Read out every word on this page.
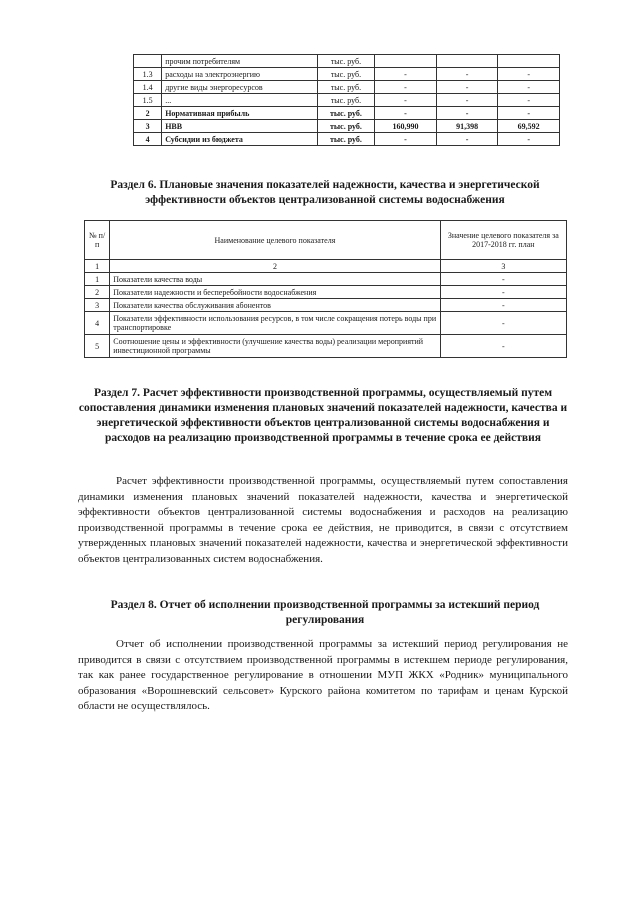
	прочим потребителям	тыс. руб.			
1.3	расходы на электроэнергию	тыс. руб.	-	-	-
1.4	другие виды энергоресурсов	тыс. руб.	-	-	-
1.5	...	тыс. руб.	-	-	-
2	Нормативная прибыль	тыс. руб.	-	-	-
3	НВВ	тыс. руб.	160,990	91,398	69,592
4	Субсидии из бюджета	тыс. руб.	-	-	-
Раздел 6. Плановые значения показателей надежности, качества и энергетической эффективности объектов централизованной системы водоснабжения
№ п/п	Наименование целевого показателя	Значение целевого показателя за 2017-2018 гг. план
1	2	3
1	Показатели качества воды	-
2	Показатели надежности и бесперебойности водоснабжения	-
3	Показатели качества обслуживания абонентов	-
4	Показатели эффективности использования ресурсов, в том числе сокращения потерь воды при транспортировке	-
5	Соотношение цены и эффективности (улучшение качества воды) реализации мероприятий инвестиционной программы	-
Раздел 7. Расчет эффективности производственной программы, осуществляемый путем сопоставления динамики изменения плановых значений показателей надежности, качества и энергетической эффективности объектов централизованной системы водоснабжения и расходов на реализацию производственной программы в течение срока ее действия
Расчет эффективности производственной программы, осуществляемый путем сопоставления динамики изменения плановых значений показателей надежности, качества и энергетической эффективности объектов централизованной системы водоснабжения и расходов на реализацию производственной программы в течение срока ее действия, не приводится, в связи с отсутствием утвержденных плановых значений показателей надежности, качества и энергетической эффективности объектов централизованных систем водоснабжения.
Раздел 8. Отчет об исполнении производственной программы за истекший период регулирования
Отчет об исполнении производственной программы за истекший период регулирования не приводится в связи с отсутствием производственной программы в истекшем периоде регулирования, так как ранее государственное регулирование в отношении МУП ЖКХ «Родник» муниципального образования «Ворошневский сельсовет» Курского района комитетом по тарифам и ценам Курской области не осуществлялось.
